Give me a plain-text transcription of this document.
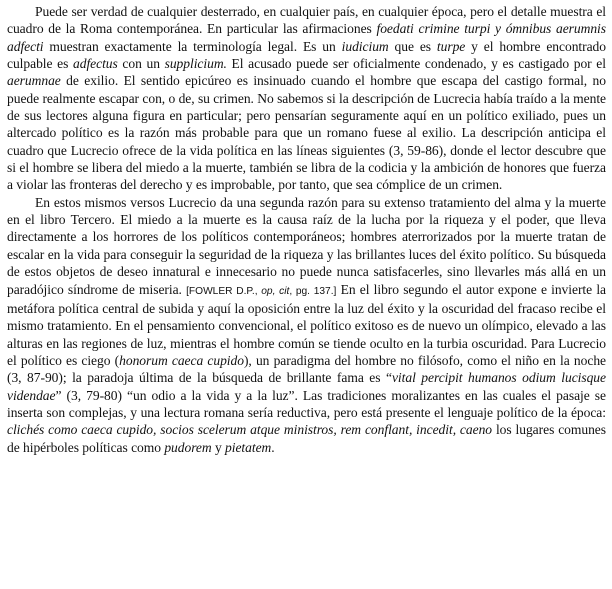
Puede ser verdad de cualquier desterrado, en cualquier país, en cualquier época, pero el detalle muestra el cuadro de la Roma contemporánea. En particular las afirmaciones foedati crimine turpi y ómnibus aerumnis adfecti muestran exactamente la terminología legal. Es un iudicium que es turpe y el hombre encontrado culpable es adfectus con un supplicium. El acusado puede ser oficialmente condenado, y es castigado por el aerumnae de exilio. El sentido epicúreo es insinuado cuando el hombre que escapa del castigo formal, no puede realmente escapar con, o de, su crimen. No sabemos si la descripción de Lucrecia había traído a la mente de sus lectores alguna figura en particular; pero pensarían seguramente aquí en un político exiliado, pues un altercado político es la razón más probable para que un romano fuese al exilio. La descripción anticipa el cuadro que Lucrecio ofrece de la vida política en las líneas siguientes (3, 59-86), donde el lector descubre que si el hombre se libera del miedo a la muerte, también se libra de la codicia y la ambición de honores que fuerza a violar las fronteras del derecho y es improbable, por tanto, que sea cómplice de un crimen.

En estos mismos versos Lucrecio da una segunda razón para su extenso tratamiento del alma y la muerte en el libro Tercero. El miedo a la muerte es la causa raíz de la lucha por la riqueza y el poder, que lleva directamente a los horrores de los políticos contemporáneos; hombres aterrorizados por la muerte tratan de escalar en la vida para conseguir la seguridad de la riqueza y las brillantes luces del éxito político. Su búsqueda de estos objetos de deseo innatural e innecesario no puede nunca satisfacerles, sino llevarles más allá en un paradójico síndrome de miseria. [FOWLER D.P., op, cit, pg. 137.] En el libro segundo el autor expone e invierte la metáfora política central de subida y aquí la oposición entre la luz del éxito y la oscuridad del fracaso recibe el mismo tratamiento. En el pensamiento convencional, el político exitoso es de nuevo un olímpico, elevado a las alturas en las regiones de luz, mientras el hombre común se tiende oculto en la turbia oscuridad. Para Lucrecio el político es ciego (honorum caeca cupido), un paradigma del hombre no filósofo, como el niño en la noche (3, 87-90); la paradoja última de la búsqueda de brillante fama es “vital percipit humanos odium lucisque videndae” (3, 79-80) “un odio a la vida y a la luz”. Las tradiciones moralizantes en las cuales el pasaje se inserta son complejas, y una lectura romana sería reductiva, pero está presente el lenguaje político de la época: clichés como caeca cupido, socios scelerum atque ministros, rem conflant, incedit, caeno los lugares comunes de hipérboles políticas como pudorem y pietatem.
